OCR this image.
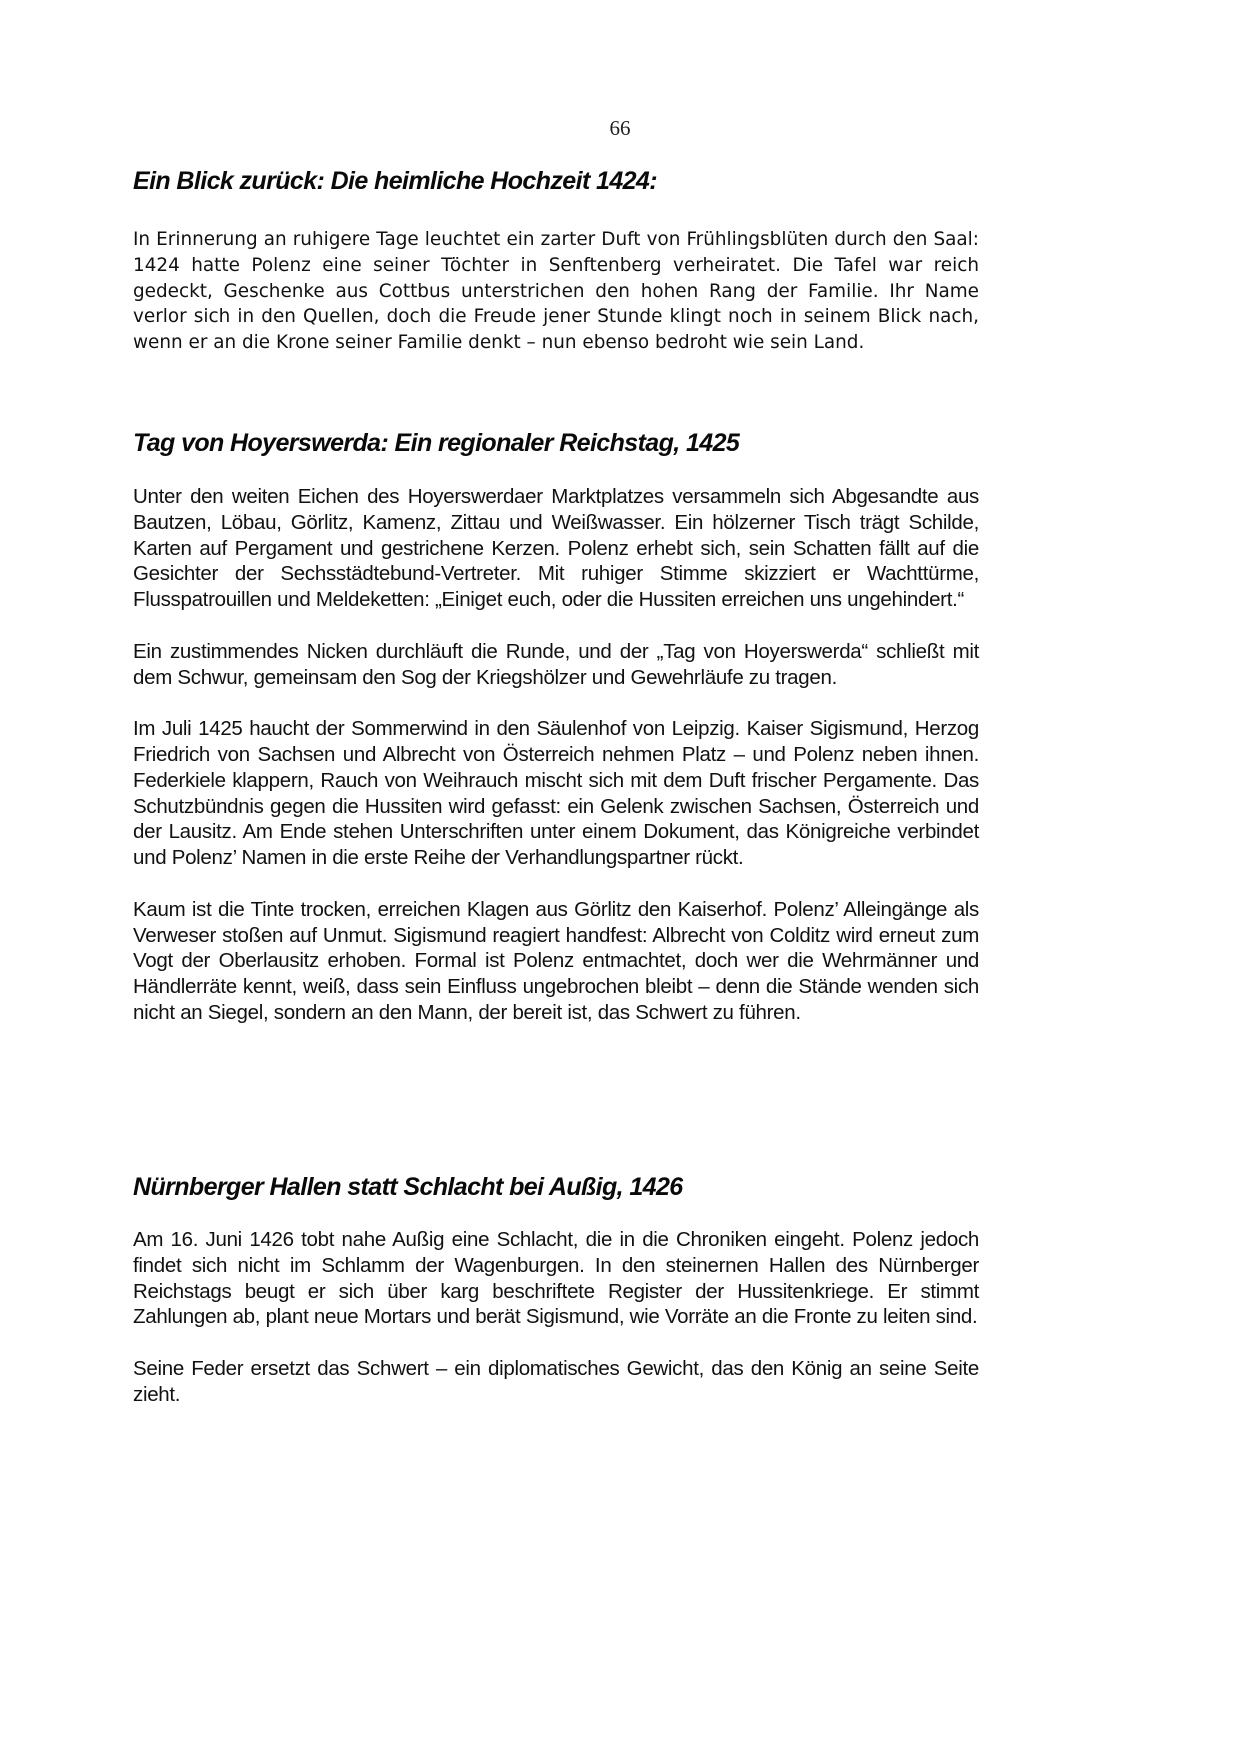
66
Ein Blick zurück: Die heimliche Hochzeit 1424:

In Erinnerung an ruhigere Tage leuchtet ein zarter Duft von Frühlingsblüten durch den Saal: 1424 hatte Polenz eine seiner Töchter in Senftenberg verheiratet. Die Tafel war reich gedeckt, Geschenke aus Cottbus unterstrichen den hohen Rang der Familie. Ihr Name verlor sich in den Quellen, doch die Freude jener Stunde klingt noch in seinem Blick nach, wenn er an die Krone seiner Familie denkt – nun ebenso bedroht wie sein Land.

Tag von Hoyerswerda: Ein regionaler Reichstag, 1425

Unter den weiten Eichen des Hoyerswerdaer Marktplatzes versammeln sich Abgesandte aus Bautzen, Löbau, Görlitz, Kamenz, Zittau und Weißwasser. Ein hölzerner Tisch trägt Schilde, Karten auf Pergament und gestrichene Kerzen. Polenz erhebt sich, sein Schatten fällt auf die Gesichter der Sechsstädtebund-Vertreter. Mit ruhiger Stimme skizziert er Wachttürme, Flusspatrouillen und Meldeketten: „Einiget euch, oder die Hussiten erreichen uns ungehindert.“

Ein zustimmendes Nicken durchläuft die Runde, und der „Tag von Hoyerswerda“ schließt mit dem Schwur, gemeinsam den Sog der Kriegshölzer und Gewehrläufe zu tragen.

Im Juli 1425 haucht der Sommerwind in den Säulenhof von Leipzig. Kaiser Sigismund, Herzog Friedrich von Sachsen und Albrecht von Österreich nehmen Platz – und Polenz neben ihnen. Federkiele klappern, Rauch von Weihrauch mischt sich mit dem Duft frischer Pergamente. Das Schutzbündnis gegen die Hussiten wird gefasst: ein Gelenk zwischen Sachsen, Österreich und der Lausitz. Am Ende stehen Unterschriften unter einem Dokument, das Königreiche verbindet und Polenz’ Namen in die erste Reihe der Verhandlungspartner rückt.

Kaum ist die Tinte trocken, erreichen Klagen aus Görlitz den Kaiserhof. Polenz’ Alleingänge als Verweser stoßen auf Unmut. Sigismund reagiert handfest: Albrecht von Colditz wird erneut zum Vogt der Oberlausitz erhoben. Formal ist Polenz entmachtet, doch wer die Wehrmänner und Händlerräte kennt, weiß, dass sein Einfluss ungebrochen bleibt – denn die Stände wenden sich nicht an Siegel, sondern an den Mann, der bereit ist, das Schwert zu führen.

Nürnberger Hallen statt Schlacht bei Außig, 1426

Am 16. Juni 1426 tobt nahe Außig eine Schlacht, die in die Chroniken eingeht. Polenz jedoch findet sich nicht im Schlamm der Wagenburgen. In den steinernen Hallen des Nürnberger Reichstags beugt er sich über karg beschriftete Register der Hussitenkriege. Er stimmt Zahlungen ab, plant neue Mortars und berät Sigismund, wie Vorräte an die Fronte zu leiten sind.

Seine Feder ersetzt das Schwert – ein diplomatisches Gewicht, das den König an seine Seite zieht.
